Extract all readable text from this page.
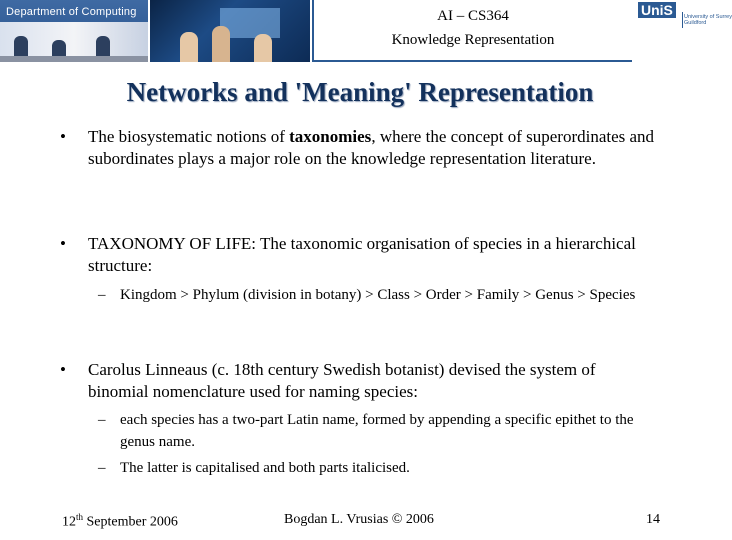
Department of Computing	AI – CS364
Knowledge Representation
UniS	University of Surrey
Guildford
Networks and 'Meaning' Representation
• The biosystematic notions of taxonomies, where the concept of superordinates and subordinates plays a major role on the knowledge representation literature.
• TAXONOMY OF LIFE: The taxonomic organisation of species in a hierarchical structure:
– Kingdom > Phylum (division in botany) > Class > Order > Family > Genus > Species
• Carolus Linneaus (c. 18th century Swedish botanist) devised the system of binomial nomenclature used for naming species:
– each species has a two-part Latin name, formed by appending a specific epithet to the genus name.
– The latter is capitalised and both parts italicised.
12th September 2006	Bogdan L. Vrusias © 2006	14
